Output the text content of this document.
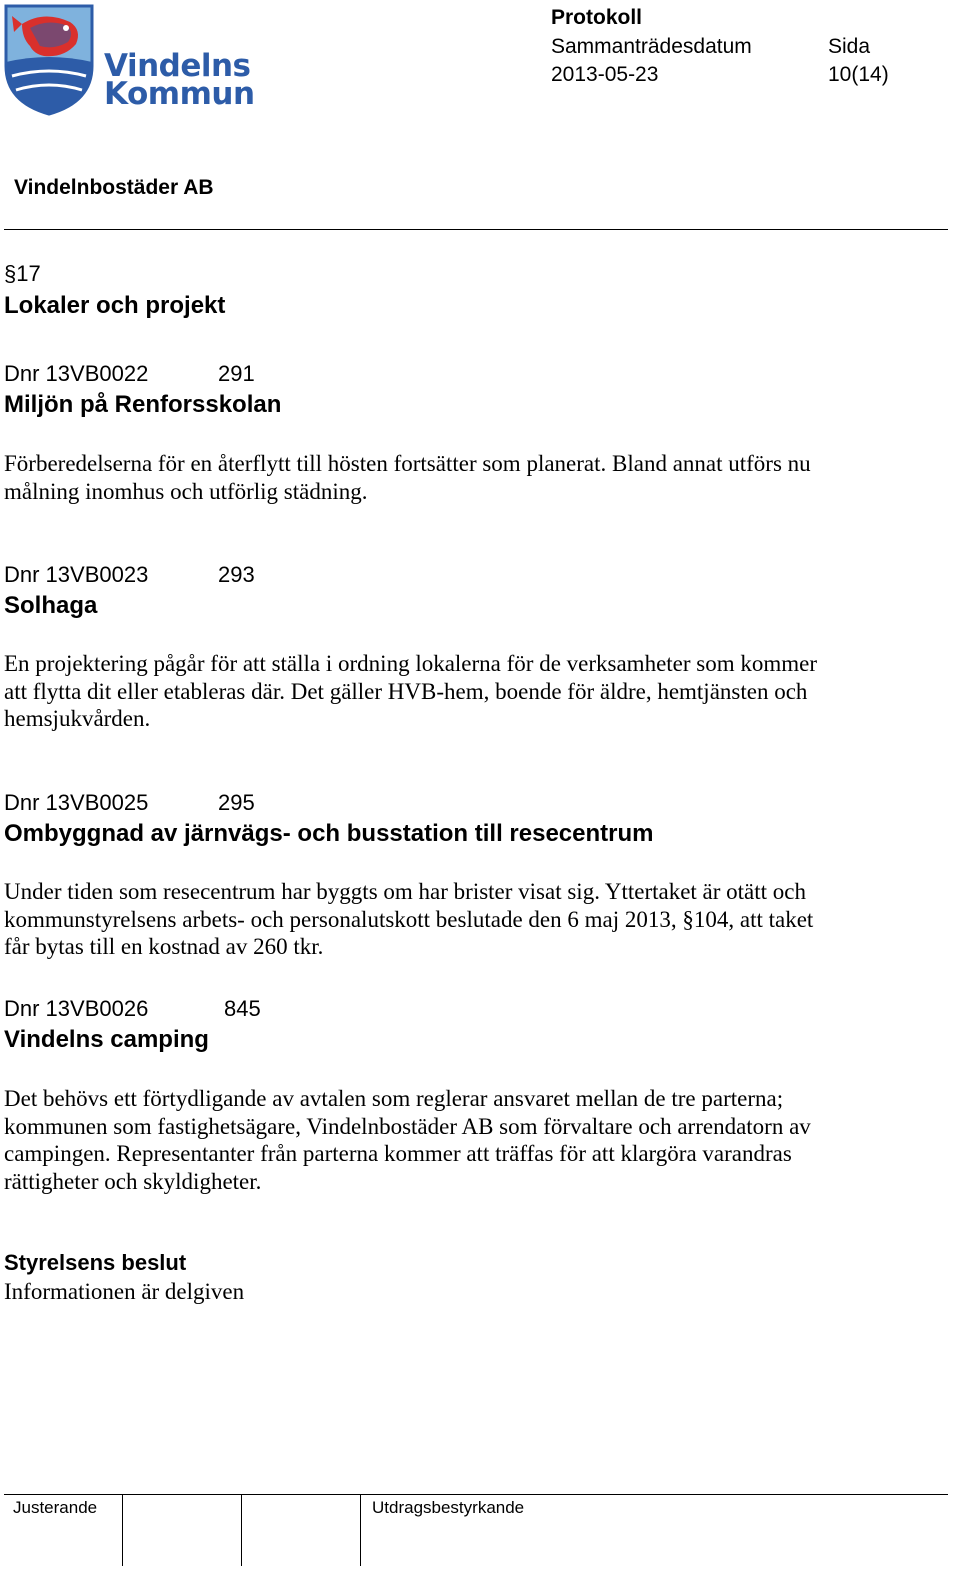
Vindelns
Kommun
Protokoll
Sammanträdesdatum	Sida
2013-05-23	10(14)
Vindelnbostäder AB
§17
Lokaler och projekt
Dnr 13VB0022	291
Miljön på Renforsskolan
Förberedelserna för en återflytt till hösten fortsätter som planerat. Bland annat utförs nu målning inomhus och utförlig städning.
Dnr 13VB0023	293
Solhaga
En projektering pågår för att ställa i ordning lokalerna för de verksamheter som kommer att flytta dit eller etableras där. Det gäller HVB-hem, boende för äldre, hemtjänsten och hemsjukvården.
Dnr 13VB0025	295
Ombyggnad av järnvägs- och busstation till resecentrum
Under tiden som resecentrum har byggts om har brister visat sig. Yttertaket är otätt och kommunstyrelsens arbets- och personalutskott beslutade den 6 maj 2013, §104, att taket får bytas till en kostnad av 260 tkr.
Dnr 13VB0026	845
Vindelns camping
Det behövs ett förtydligande av avtalen som reglerar ansvaret mellan de tre parterna; kommunen som fastighetsägare, Vindelnbostäder AB som förvaltare och arrendatorn av campingen. Representanter från parterna kommer att träffas för att klargöra varandras rättigheter och skyldigheter.
Styrelsens beslut
Informationen är delgiven
Justerande	Utdragsbestyrkande
